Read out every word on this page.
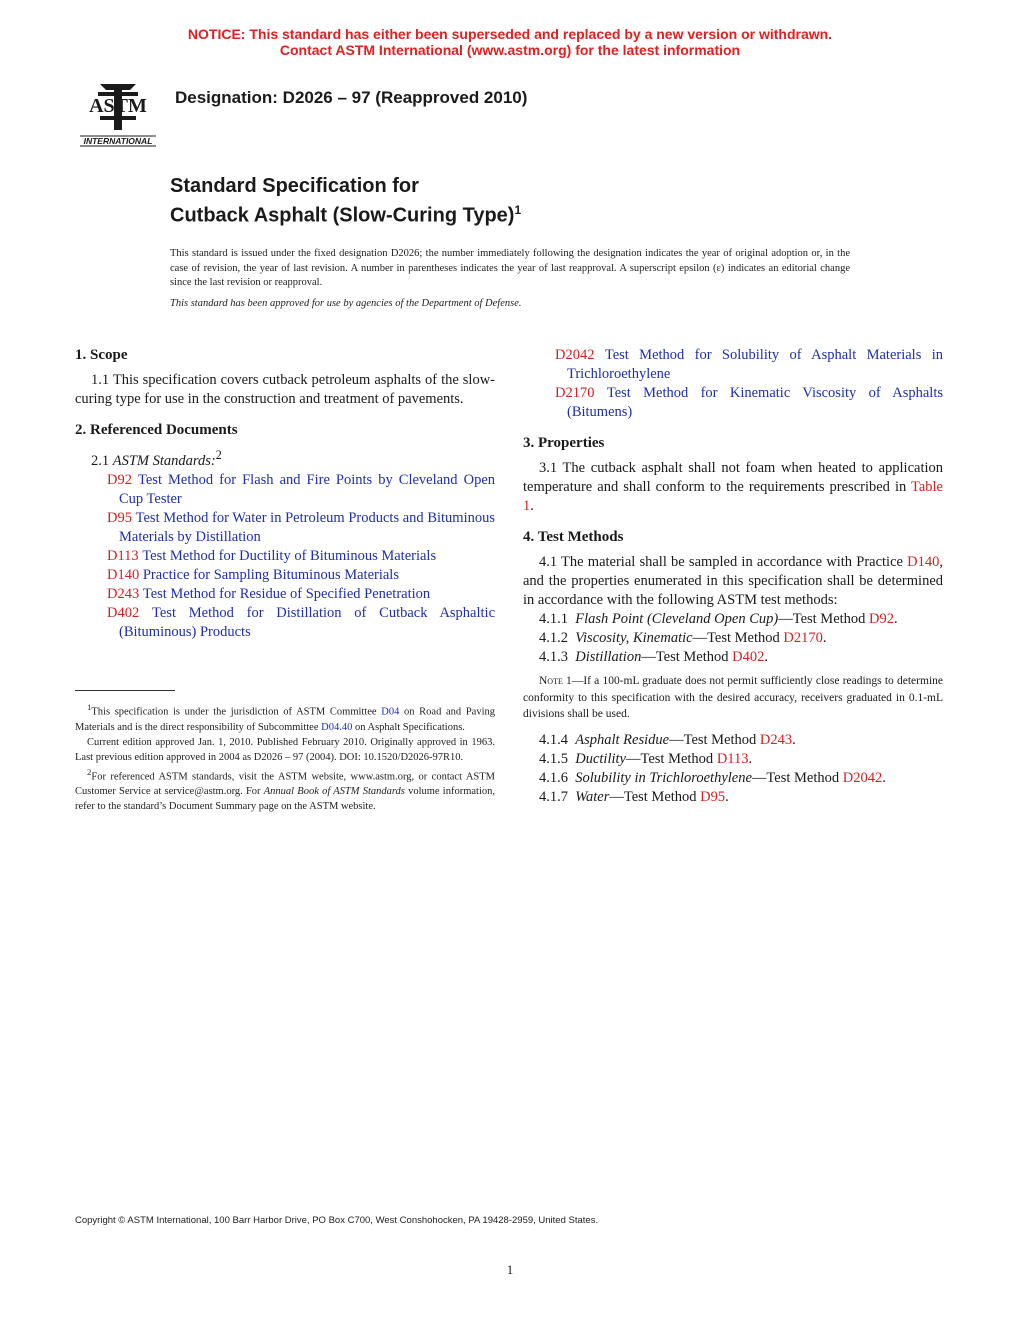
NOTICE: This standard has either been superseded and replaced by a new version or withdrawn.
Contact ASTM International (www.astm.org) for the latest information
ASTM
INTERNATIONAL
Designation: D2026 – 97 (Reapproved 2010)
Standard Specification for
Cutback Asphalt (Slow-Curing Type)$^1$

This standard is issued under the fixed designation D2026; the number immediately following the designation indicates the year of original adoption or, in the case of revision, the year of last revision. A number in parentheses indicates the year of last reapproval. A superscript epsilon (ε) indicates an editorial change since the last revision or reapproval.

This standard has been approved for use by agencies of the Department of Defense.

1. Scope

1.1 This specification covers cutback petroleum asphalts of the slow-curing type for use in the construction and treatment of pavements.

2. Referenced Documents

2.1 ASTM Standards:$^2$

D92 Test Method for Flash and Fire Points by Cleveland Open Cup Tester

D95 Test Method for Water in Petroleum Products and Bituminous Materials by Distillation

D113 Test Method for Ductility of Bituminous Materials

D140 Practice for Sampling Bituminous Materials

D243 Test Method for Residue of Specified Penetration

D402 Test Method for Distillation of Cutback Asphaltic (Bituminous) Products

D2042 Test Method for Solubility of Asphalt Materials in Trichloroethylene

D2170 Test Method for Kinematic Viscosity of Asphalts (Bitumens)

3. Properties

3.1 The cutback asphalt shall not foam when heated to application temperature and shall conform to the requirements prescribed in Table 1.

4. Test Methods

4.1 The material shall be sampled in accordance with Practice D140, and the properties enumerated in this specification shall be determined in accordance with the following ASTM test methods:

4.1.1 Flash Point (Cleveland Open Cup)—Test Method D92.

4.1.2 Viscosity, Kinematic—Test Method D2170.

4.1.3 Distillation—Test Method D402.

Note 1—If a 100-mL graduate does not permit sufficiently close readings to determine conformity to this specification with the desired accuracy, receivers graduated in 0.1-mL divisions shall be used.

4.1.4 Asphalt Residue—Test Method D243.

4.1.5 Ductility—Test Method D113.

4.1.6 Solubility in Trichloroethylene—Test Method D2042.

4.1.7 Water—Test Method D95.

$^1$This specification is under the jurisdiction of ASTM Committee D04 on Road and Paving Materials and is the direct responsibility of Subcommittee D04.40 on Asphalt Specifications.

Current edition approved Jan. 1, 2010. Published February 2010. Originally approved in 1963. Last previous edition approved in 2004 as D2026 – 97 (2004). DOI: 10.1520/D2026-97R10.

$^2$For referenced ASTM standards, visit the ASTM website, www.astm.org, or contact ASTM Customer Service at service@astm.org. For Annual Book of ASTM Standards volume information, refer to the standard’s Document Summary page on the ASTM website.

Copyright © ASTM International, 100 Barr Harbor Drive, PO Box C700, West Conshohocken, PA 19428-2959, United States.
1
